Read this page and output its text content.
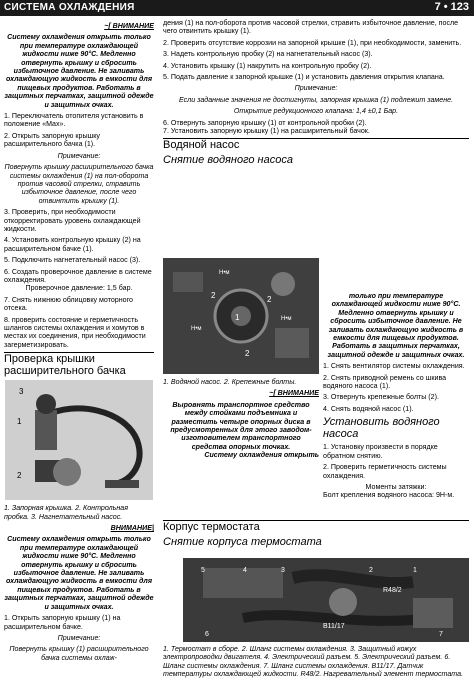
СИСТЕМА ОХЛАЖДЕНИЯ	7 • 123

~[ ВНИМАНИЕ

Систему охлаждения открыть только при температуре охлаждающей жидкости ниже 90°С. Медленно отвернуть крышку и сбросить избыточное давление. Не заливать охлаждающую жидкость в емкости для пищевых продуктов. Работать в защитных перчатках, защитной одежде и защитных очках.

1. Переключатель отопителя установить в положение «Max».

2. Открыть запорную крышку расширительного бачка (1).

Примечание:

Повернуть крышку расширительного бачка системы охлаждения (1) на пол-оборота против часовой стрелки, стравить избыточное давление, после чего отвинтить крышку (1).

3. Проверить, при необходимости откорректировать уровень охлаждающей жидкости.

4. Установить контрольную крышку (2) на расширительном бачке (1).

5. Подключить нагнетательный насос (3).

6. Создать проверочное давление в системе охлаждения.

Проверочное давление: 1,5 бар.

7. Снять нижнюю облицовку моторного отсека.

8. проверить состояние и герметичность шлангов системы охлаждения и хомутов в местах их соединения, при необходимости загерметизировать.

Проверка крышки расширительного бачка

1. Запорная крышка. 2. Контрольная пробка. 3. Нагнетательный насос.

ВНИМАНИЕ|

Систему охлаждения открыть только при температуре охлаждающей жидкости ниже 90°С. Медленно отвернуть крышку и сбросить избыточное давление. Не заливать охлаждающую жидкость в емкости для пищевых продуктов. Работать в защитных перчатках, защитной одежде и защитных очках.

1. Открыть запорную крышку (1) на расширительном бачке.

Примечание:

Повернуть крышку (1) расширительного бачка системы охлаж-

3
1
2

дения (1) на пол-оборота против часовой стрелки, стравить избыточное давление, после чего отвинтить крышку (1).

2. Проверить отсутствие коррозии на запорной крышке (1), при необходимости, заменить.

3. Надеть контрольную пробку (2) на нагнетательный насос (3).

4. Установить крышку (1) накрутить на контрольную пробку (2).

5. Подать давление к запорной крышке (1) и установить давления открытия клапана.

Примечание:

Если заданные значения не достигнуты, запорная крышка (1) подлежит замене.

Открытие редукционного клапана: 1,4 ±0,1 Бар.

6. Отвернуть запорную крышку (1) от контрольной пробки (2).

7. Установить запорную крышку (1) на расширительный бачок.

Водяной насос

Снятие водяного насоса

1
2	2
2
Н•м
Н•м
Н•м

1. Водяной насос. 2. Крепежные болты.

~[ ВНИМАНИЕ

Выровнять транспортное средство между стойками подъемника и разместить четыре опорных диска в предусмотренных для этого заводом-изготовителем транспортного средства опорных точках.

Систему охлаждения открыть

только при температуре охлаждающей жидкости ниже 90°С. Медленно отвернуть крышку и сбросить избыточное давление. Не заливать охлаждающую жидкость в емкости для пищевых продуктов. Работать в защитных перчатках, защитной одежде и защитных очках.

1. Снять вентилятор системы охлаждения.

2. Снять приводной ремень со шкива водяного насоса (1).

3. Отвернуть крепежные болты (2).

4. Снять водяной насос (1).

Установить водяного насоса

1. Установку произвести в порядке обратном снятию.

2. Проверить герметичность системы охлаждения.

Моменты затяжки:

Болт крепления водяного насоса: 9Н-м.

Корпус термостата

Снятие корпуса термостата

5	4	3	2	1
6	7
R48/2
B11/17

1. Термостат в сборе. 2. Шланг системы охлаждения. 3. Защитный кожух электропроводки двигателя. 4. Электрический разъем. 5. Электрический разъем. 6. Шланг системы охлаждения. 7. Шланг системы охлаждения. B11/17. Датчик температуры охлаждающей жидкости. R48/2. Нагревательный элемент термостата.
